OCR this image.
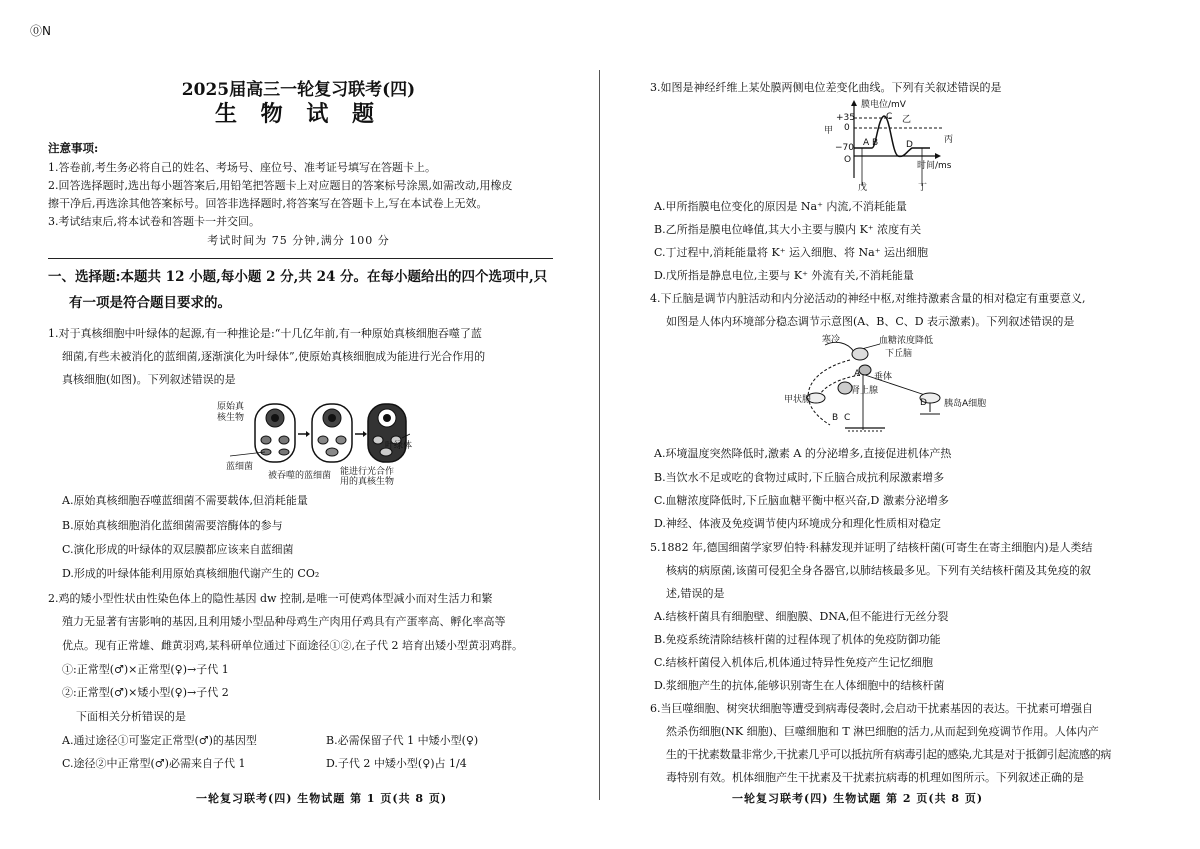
⓪N
2025届高三一轮复习联考(四)
生 物 试 题
注意事项:
1.答卷前,考生务必将自己的姓名、考场号、座位号、准考证号填写在答题卡上。
2.回答选择题时,选出每小题答案后,用铅笔把答题卡上对应题目的答案标号涂黑,如需改动,用橡皮
擦干净后,再选涂其他答案标号。回答非选择题时,将答案写在答题卡上,写在本试卷上无效。
3.考试结束后,将本试卷和答题卡一并交回。
考试时间为 75 分钟,满分 100 分
一、选择题:本题共 12 小题,每小题 2 分,共 24 分。在每小题给出的四个选项中,只
有一项是符合题目要求的。
1.对于真核细胞中叶绿体的起源,有一种推论是:“十几亿年前,有一种原始真核细胞吞噬了蓝
细菌,有些未被消化的蓝细菌,逐渐演化为叶绿体”,使原始真核细胞成为能进行光合作用的
真核细胞(如图)。下列叙述错误的是
原始真
核生物
叶绿体
蓝细菌
被吞噬的蓝细菌 能进行光合作
用的真核生物
A.原始真核细胞吞噬蓝细菌不需要载体,但消耗能量
B.原始真核细胞消化蓝细菌需要溶酶体的参与
C.演化形成的叶绿体的双层膜都应该来自蓝细菌
D.形成的叶绿体能利用原始真核细胞代谢产生的 CO₂
2.鸡的矮小型性状由性染色体上的隐性基因 dw 控制,是唯一可使鸡体型减小而对生活力和繁
殖力无显著有害影响的基因,且利用矮小型品种母鸡生产肉用仔鸡具有产蛋率高、孵化率高等
优点。现有正常雄、雌黄羽鸡,某科研单位通过下面途径①②,在子代 2 培育出矮小型黄羽鸡群。
①:正常型(♂)×正常型(♀)→子代 1
②:正常型(♂)×矮小型(♀)→子代 2
下面相关分析错误的是
A.通过途径①可鉴定正常型(♂)的基因型	B.必需保留子代 1 中矮小型(♀)
C.途径②中正常型(♂)必需来自子代 1	D.子代 2 中矮小型(♀)占 1/4
一轮复习联考(四) 生物试题 第 1 页(共 8 页)
3.如图是神经纤维上某处膜两侧电位差变化曲线。下列有关叙述错误的是
膜电位/mV
+35
甲 0
−70
O
乙
丙
A B
C
D
时间/ms
戊	丁
A.甲所指膜电位变化的原因是 Na⁺ 内流,不消耗能量
B.乙所指是膜电位峰值,其大小主要与膜内 K⁺ 浓度有关
C.丁过程中,消耗能量将 K⁺ 运入细胞、将 Na⁺ 运出细胞
D.戊所指是静息电位,主要与 K⁺ 外流有关,不消耗能量
4.下丘脑是调节内脏活动和内分泌活动的神经中枢,对维持激素含量的相对稳定有重要意义,
如图是人体内环境部分稳态调节示意图(A、B、C、D 表示激素)。下列叙述错误的是
寒冷	血糖浓度降低
下丘脑
垂体
甲状腺
肾上腺
胰岛A细胞
A
B C
D
A.环境温度突然降低时,激素 A 的分泌增多,直接促进机体产热
B.当饮水不足或吃的食物过咸时,下丘脑合成抗利尿激素增多
C.血糖浓度降低时,下丘脑血糖平衡中枢兴奋,D 激素分泌增多
D.神经、体液及免疫调节使内环境成分和理化性质相对稳定
5.1882 年,德国细菌学家罗伯特·科赫发现并证明了结核杆菌(可寄生在寄主细胞内)是人类结
核病的病原菌,该菌可侵犯全身各器官,以肺结核最多见。下列有关结核杆菌及其免疫的叙
述,错误的是
A.结核杆菌具有细胞壁、细胞膜、DNA,但不能进行无丝分裂
B.免疫系统清除结核杆菌的过程体现了机体的免疫防御功能
C.结核杆菌侵入机体后,机体通过特异性免疫产生记忆细胞
D.浆细胞产生的抗体,能够识别寄生在人体细胞中的结核杆菌
6.当巨噬细胞、树突状细胞等遭受到病毒侵袭时,会启动干扰素基因的表达。干扰素可增强自
然杀伤细胞(NK 细胞)、巨噬细胞和 T 淋巴细胞的活力,从而起到免疫调节作用。人体内产
生的干扰素数量非常少,干扰素几乎可以抵抗所有病毒引起的感染,尤其是对于抵御引起流感的病
毒特别有效。机体细胞产生干扰素及干扰素抗病毒的机理如图所示。下列叙述正确的是
一轮复习联考(四) 生物试题 第 2 页(共 8 页)
